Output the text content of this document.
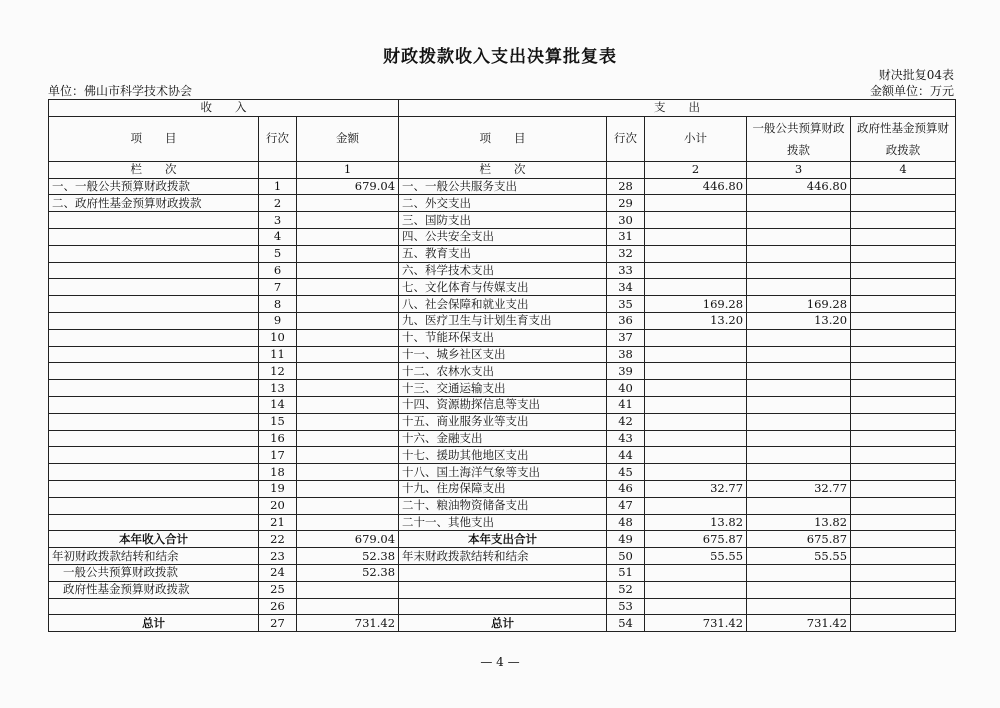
财政拨款收入支出决算批复表
财决批复04表
单位：佛山市科学技术协会	金额单位：万元
收　　入			支　　出				
项　　目	行次	金额	项　　目	行次	小计	一般公共预算财政拨款	政府性基金预算财政拨款
栏　　次		1	栏　　次		2	3	4
一、一般公共预算财政拨款	1	679.04	一、一般公共服务支出	28	446.80	446.80	
二、政府性基金预算财政拨款	2		二、外交支出	29			
	3		三、国防支出	30			
	4		四、公共安全支出	31			
	5		五、教育支出	32			
	6		六、科学技术支出	33			
	7		七、文化体育与传媒支出	34			
	8		八、社会保障和就业支出	35	169.28	169.28	
	9		九、医疗卫生与计划生育支出	36	13.20	13.20	
	10		十、节能环保支出	37			
	11		十一、城乡社区支出	38			
	12		十二、农林水支出	39			
	13		十三、交通运输支出	40			
	14		十四、资源勘探信息等支出	41			
	15		十五、商业服务业等支出	42			
	16		十六、金融支出	43			
	17		十七、援助其他地区支出	44			
	18		十八、国土海洋气象等支出	45			
	19		十九、住房保障支出	46	32.77	32.77	
	20		二十、粮油物资储备支出	47			
	21		二十一、其他支出	48	13.82	13.82	
本年收入合计	22	679.04	本年支出合计	49	675.87	675.87	
年初财政拨款结转和结余	23	52.38	年末财政拨款结转和结余	50	55.55	55.55	
一般公共预算财政拨款	24	52.38		51			
政府性基金预算财政拨款	25			52			
	26			53			
总计	27	731.42	总计	54	731.42	731.42	
— 4 —
